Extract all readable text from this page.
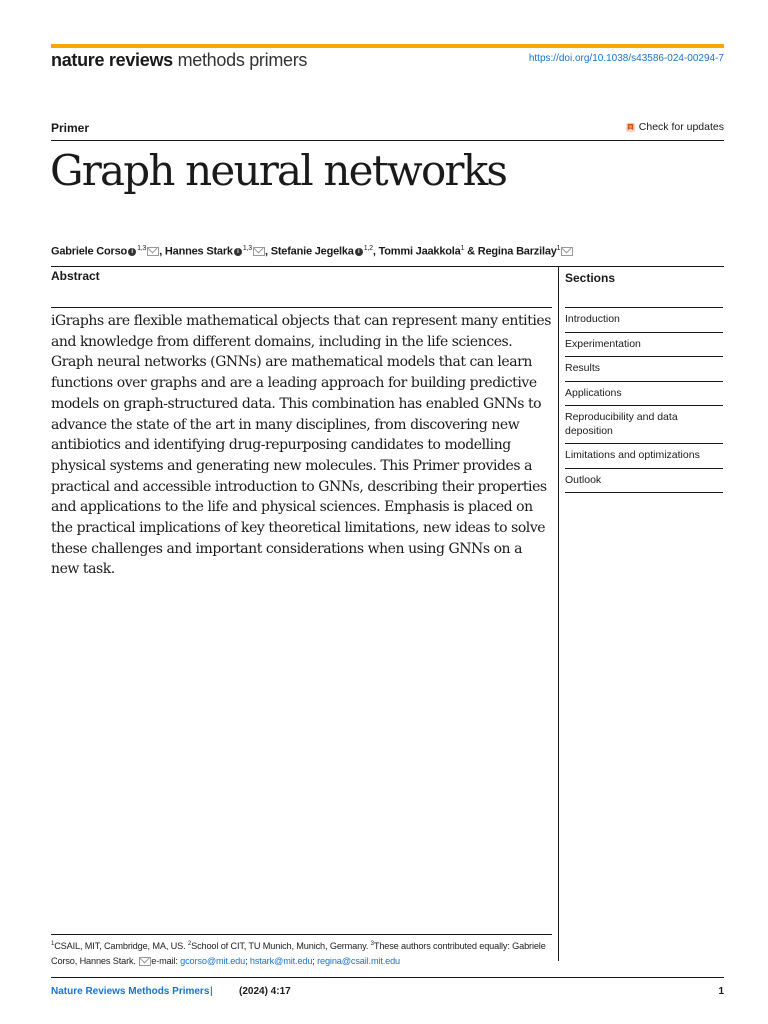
nature reviews methods primers	https://doi.org/10.1038/s43586-024-00294-7
Primer	Check for updates
Graph neural networks
Gabriele Corso i $^{1,3}$ , Hannes Stark i $^{1,3}$ , Stefanie Jegelka i $^{1,2}$, Tommi Jaakkola$^1$ & Regina Barzilay$^1$
Abstract

iGraphs are flexible mathematical objects that can represent many entities and knowledge from different domains, including in the life sciences. Graph neural networks (GNNs) are mathematical models that can learn functions over graphs and are a leading approach for building predictive models on graph-structured data. This combination has enabled GNNs to advance the state of the art in many disciplines, from discovering new antibiotics and identifying drug-repurposing candidates to modelling physical systems and generating new molecules. This Primer provides a practical and accessible introduction to GNNs, describing their properties and applications to the life and physical sciences. Emphasis is placed on the practical implications of key theoretical limitations, new ideas to solve these challenges and important considerations when using GNNs on a new task.

Sections
Introduction
Experimentation
Results
Applications
Reproducibility and data deposition
Limitations and optimizations
Outlook
$^1$CSAIL, MIT, Cambridge, MA, US. $^2$School of CIT, TU Munich, Munich, Germany. $^3$These authors contributed equally: Gabriele Corso, Hannes Stark. e-mail: gcorso@mit.edu; hstark@mit.edu; regina@csail.mit.edu
Nature Reviews Methods Primers |	(2024) 4:17	1
